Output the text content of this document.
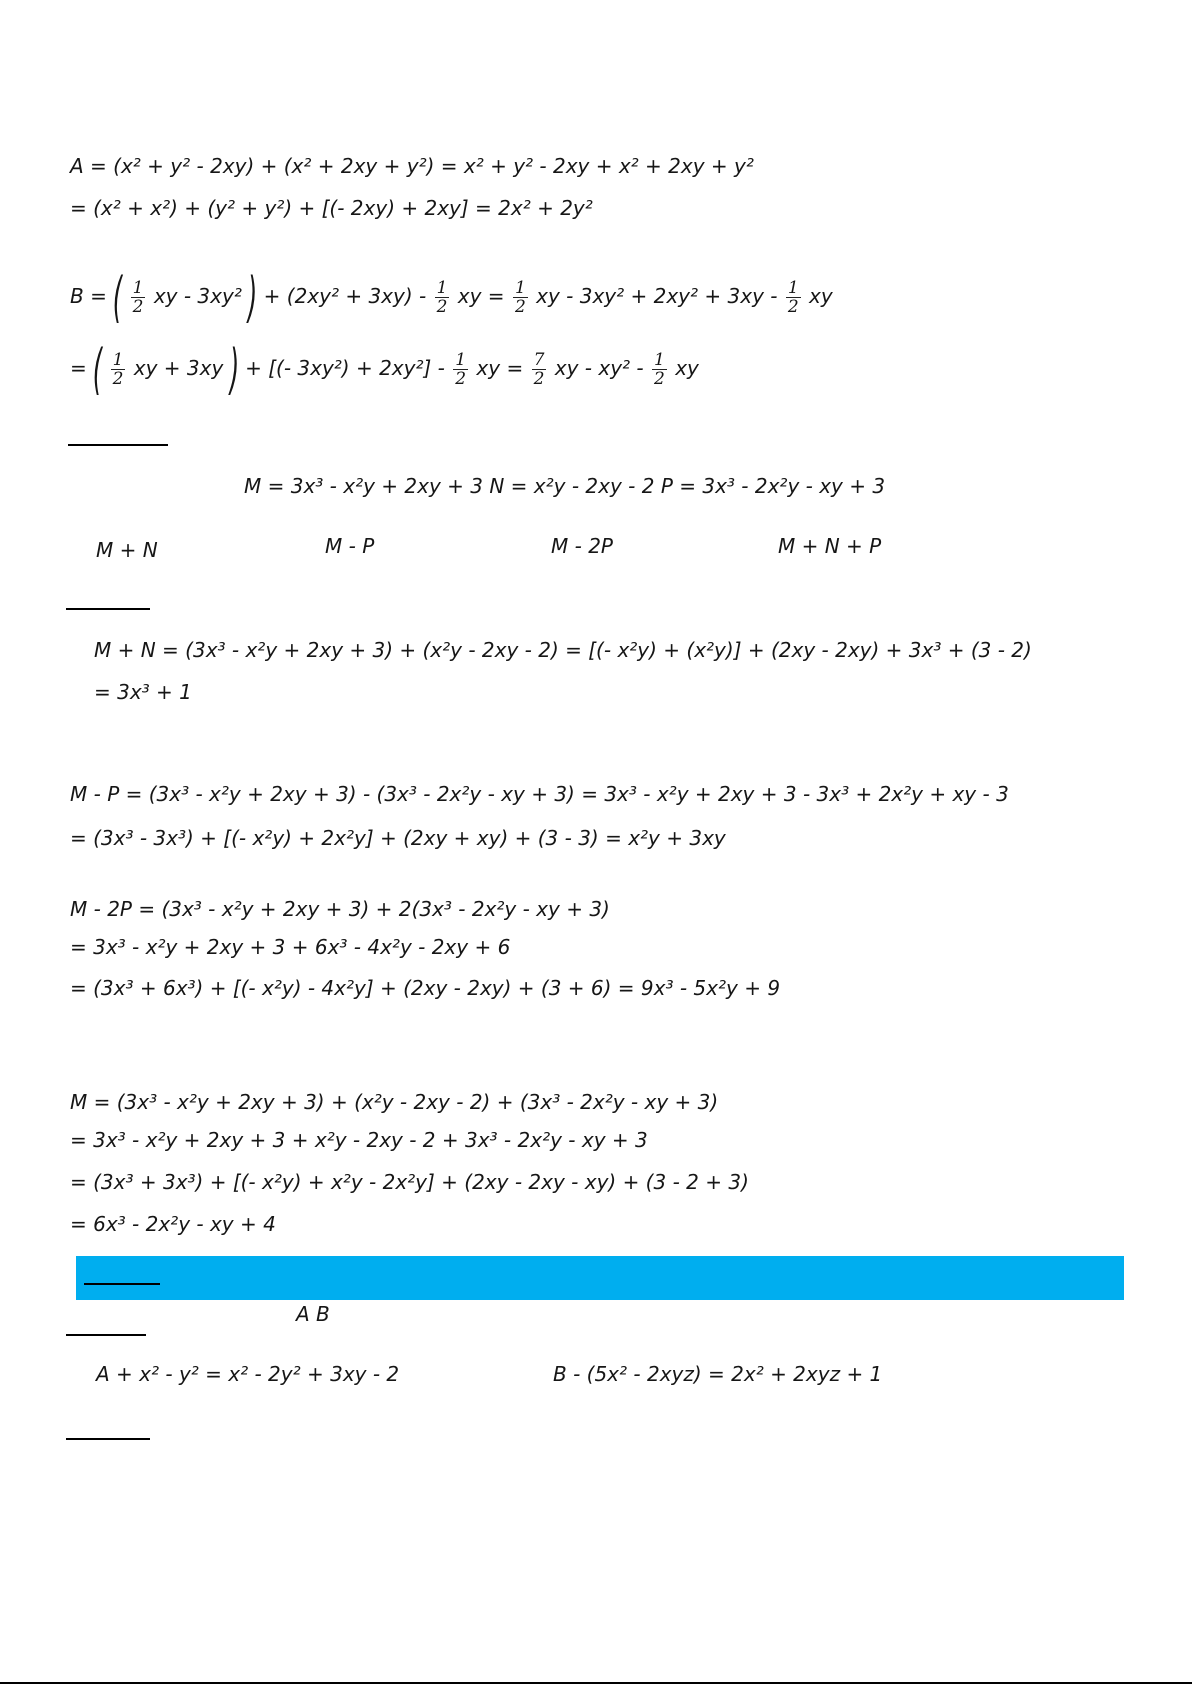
A = (x² + y² - 2xy) + (x² + 2xy + y²) = x² + y² - 2xy + x² + 2xy + y²
= (x² + x²) + (y² + y²) + [(- 2xy) + 2xy] = 2x² + 2y²
B = ( $\frac{1}{2}$ xy - 3xy² ) + $(2xy^2 + 3xy) - \frac{1}{2}$ xy = $\frac{1}{2}$ xy - $3xy^2 + 2xy^2 + 3xy - \frac{1}{2}$ xy
= ( $\frac{1}{2}$ xy + 3xy ) + [(- $3xy^2) + 2xy^2] - \frac{1}{2}$ xy = $\frac{7}{2}$ xy - $xy^2 - \frac{1}{2}$ xy
M = 3x³ - x²y + 2xy + 3 N = x²y - 2xy - 2 P = 3x³ - 2x²y - xy + 3
M + N	M - P	M - 2P	M + N + P
M + N = (3x³ - x²y + 2xy + 3) + (x²y - 2xy - 2) = [(- x²y) + (x²y)] + (2xy - 2xy) + 3x³ + (3 - 2)
= 3x³ + 1
M - P = (3x³ - x²y + 2xy + 3) - (3x³ - 2x²y - xy + 3) = 3x³ - x²y + 2xy + 3 - 3x³ + 2x²y + xy - 3
= (3x³ - 3x³) + [(- x²y) + 2x²y] + (2xy + xy) + (3 - 3) = x²y + 3xy
M - 2P = (3x³ - x²y + 2xy + 3) + 2(3x³ - 2x²y - xy + 3)
= 3x³ - x²y + 2xy + 3 + 6x³ - 4x²y - 2xy + 6
= (3x³ + 6x³) + [(- x²y) - 4x²y] + (2xy - 2xy) + (3 + 6) = 9x³ - 5x²y + 9
M = (3x³ - x²y + 2xy + 3) + (x²y - 2xy - 2) + (3x³ - 2x²y - xy + 3)
= 3x³ - x²y + 2xy + 3 + x²y - 2xy - 2 + 3x³ - 2x²y - xy + 3
= (3x³ + 3x³) + [(- x²y) + x²y - 2x²y] + (2xy - 2xy - xy) + (3 - 2 + 3)
= 6x³ - 2x²y - xy + 4
A B
A + x² - y² = x² - 2y² + 3xy - 2	B - (5x² - 2xyz) = 2x² + 2xyz + 1
